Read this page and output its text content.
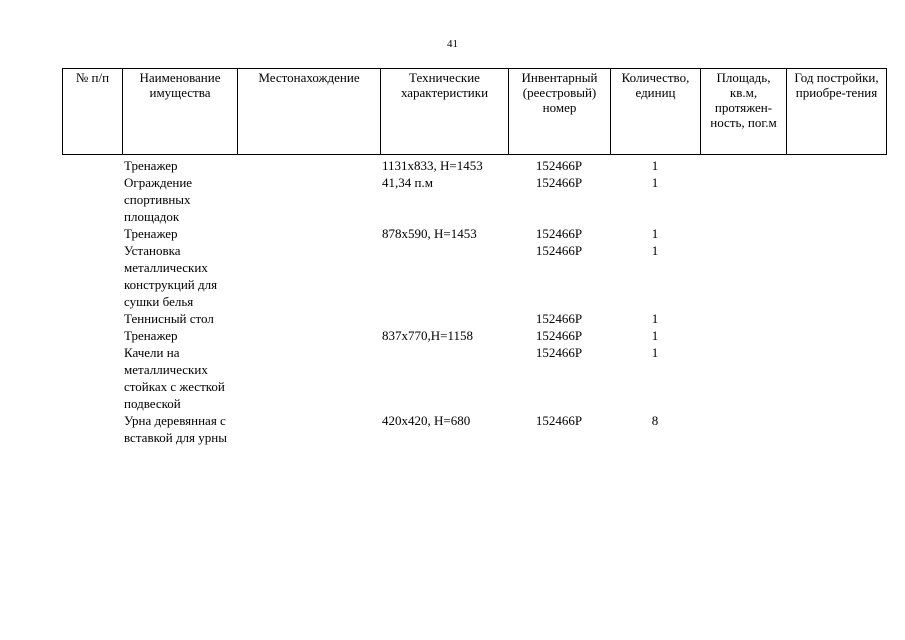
41
№ п/п	Наименование имущества	Местонахождение	Технические характеристики	Инвентарный (реестровый) номер	Количество, единиц	Площадь, кв.м, протяжен-ность, пог.м	Год постройки, приобре-тения
	Тренажер		1131х833, Н=1453	152466Р	1		
	Ограждение спортивных площадок		41,34 п.м	152466Р	1		
	Тренажер		878х590, Н=1453	152466Р	1		
	Установка металлических конструкций для сушки белья			152466Р	1		
	Теннисный стол			152466Р	1		
	Тренажер		837х770,Н=1158	152466Р	1		
	Качели на металлических стойках с жесткой подвеской			152466Р	1		
	Урна деревянная с вставкой для урны		420х420, Н=680	152466Р	8		
